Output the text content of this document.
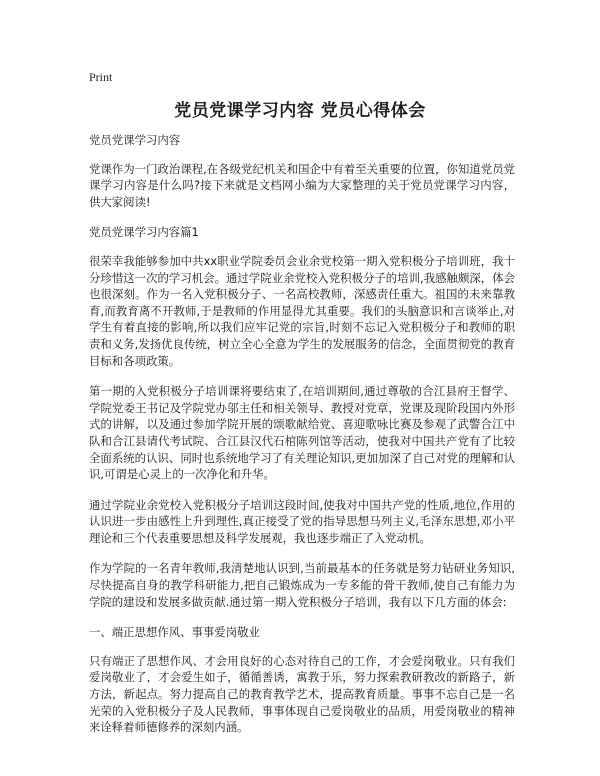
Print
党员党课学习内容 党员心得体会

党员党课学习内容

党课作为一门政治课程,在各级党纪机关和国企中有着至关重要的位置，你知道党员党课学习内容是什么吗?接下来就是文档网小编为大家整理的关于党员党课学习内容，供大家阅读!

党员党课学习内容篇1

很荣幸我能够参加中共xx职业学院委员会业余党校第一期入党积极分子培训班，我十分珍惜这一次的学习机会。通过学院业余党校入党积极分子的培训,我感触颇深，体会也很深刻。作为一名入党积极分子、一名高校教师，深感责任重大。祖国的未来靠教育,而教育离不开教师,于是教师的作用显得尤其重要。我们的头脑意识和言谈举止,对学生有着直接的影响,所以我们应牢记党的宗旨,时刻不忘记入党积极分子和教师的职责和义务,发扬优良传统，树立全心全意为学生的发展服务的信念，全面贯彻党的教育目标和各项政策。

第一期的入党积极分子培训课将要结束了,在培训期间,通过尊敬的合江县府王督学、学院党委王书记及学院党办邬主任和相关领导、教授对党章，党课及现阶段国内外形式的讲解，以及通过参加学院开展的颂歌献给党、喜迎歌咏比赛及参观了武警合江中队和合江县请代考试院、合江县汉代石棺陈列馆等活动，使我对中国共产党有了比较全面系统的认识、同时也系统地学习了有关理论知识,更加加深了自己对党的理解和认识,可谓是心灵上的一次净化和升华。

通过学院业余党校入党积极分子培训这段时间,使我对中国共产党的性质,地位,作用的认识进一步由感性上升到理性,真正接受了党的指导思想马列主义,毛泽东思想,邓小平理论和三个代表重要思想及科学发展观，我也逐步端正了入党动机。

作为学院的一名青年教师,我清楚地认识到,当前最基本的任务就是努力钻研业务知识,尽快提高自身的教学科研能力,把自己锻炼成为一专多能的骨干教师,使自己有能力为学院的建设和发展多做贡献.通过第一期入党积极分子培训，我有以下几方面的体会:

一、端正思想作风、事事爱岗敬业

只有端正了思想作风、才会用良好的心态对待自己的工作，才会爱岗敬业。只有我们爱岗敬业了，才会爱生如子，循循善诱，寓教于乐，努力探索教研教改的新路子，新方法，新起点。努力提高自己的教育教学艺术，提高教育质量。事事不忘自己是一名光荣的入党积极分子及人民教师，事事体现自己爱岗敬业的品质，用爱岗敬业的精神来诠释着师德修养的深刻内涵。
